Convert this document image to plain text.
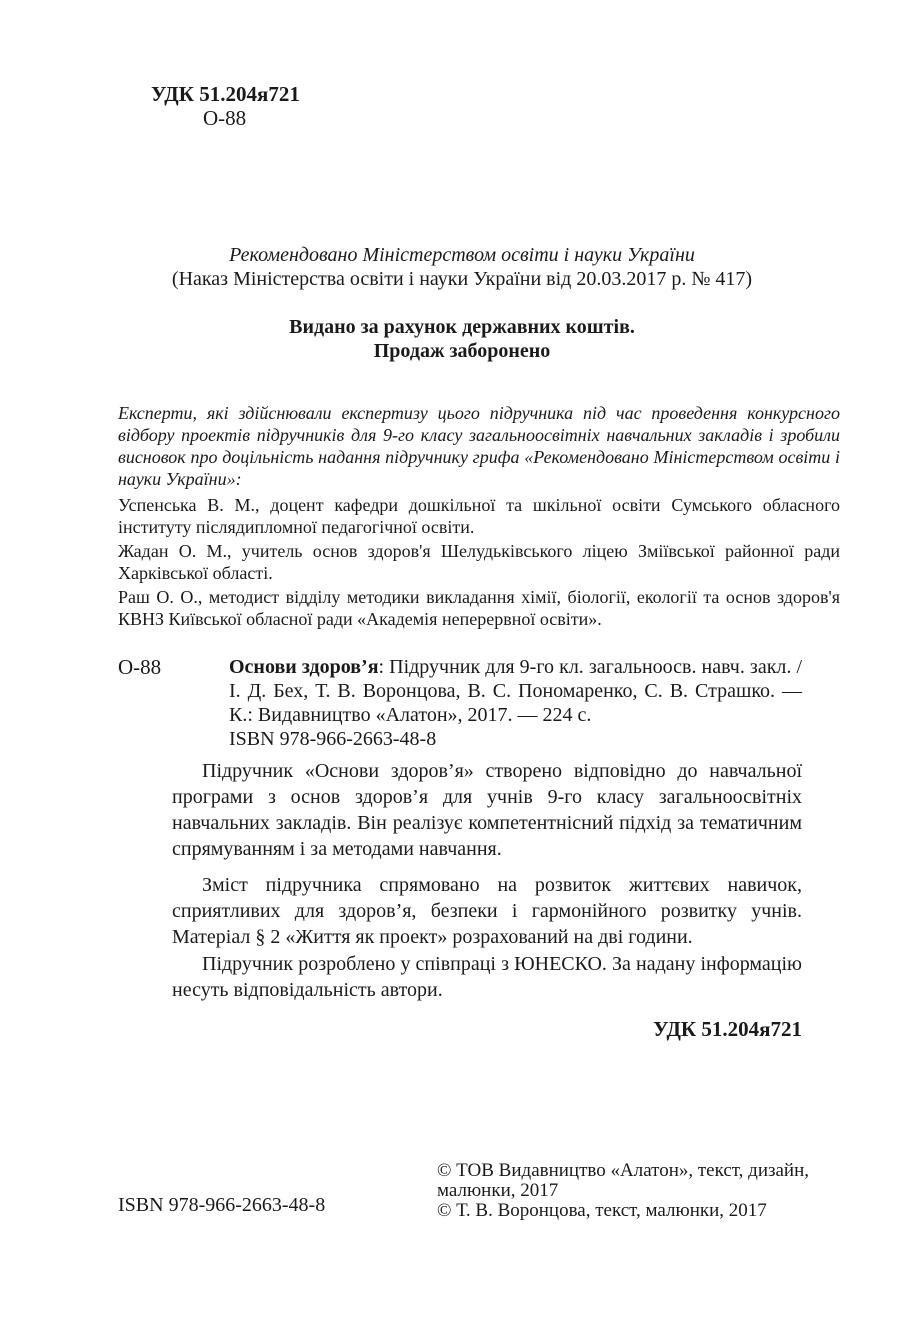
УДК 51.204я721
О-88
Рекомендовано Міністерством освіти і науки України
(Наказ Міністерства освіти і науки України від 20.03.2017 р. № 417)
Видано за рахунок державних коштів.
Продаж заборонено
Експерти, які здійснювали експертизу цього підручника під час проведення конкурсного відбору проектів підручників для 9-го класу загальноосвітніх навчальних закладів і зробили висновок про доцільність надання підручнику грифа «Рекомендовано Міністерством освіти і науки України»:
Успенська В. М., доцент кафедри дошкільної та шкільної освіти Сумського обласного інституту післядипломної педагогічної освіти.
Жадан О. М., учитель основ здоров'я Шелудьківського ліцею Зміївської районної ради Харківської області.
Раш О. О., методист відділу методики викладання хімії, біології, екології та основ здоров'я КВНЗ Київської обласної ради «Академія неперервної освіти».
О-88	Основи здоров’я: Підручник для 9-го кл. загальноосв. навч. закл. / І. Д. Бех, Т. В. Воронцова, В. С. Пономаренко, С. В. Страшко. — К.: Видавництво «Алатон», 2017. — 224 с.
ISBN 978-966-2663-48-8
Підручник «Основи здоров’я» створено відповідно до навчальної програми з основ здоров’я для учнів 9-го класу загальноосвітніх навчальних закладів. Він реалізує компетентнісний підхід за тематичним спрямуванням і за методами навчання.
Зміст підручника спрямовано на розвиток життєвих навичок, сприятливих для здоров’я, безпеки і гармонійного розвитку учнів. Матеріал § 2 «Життя як проект» розрахований на дві години.
Підручник розроблено у співпраці з ЮНЕСКО. За надану інформацію несуть відповідальність автори.
УДК 51.204я721
ISBN 978-966-2663-48-8
© ТОВ Видавництво «Алатон», текст, дизайн, малюнки, 2017
© Т. В. Воронцова, текст, малюнки, 2017
